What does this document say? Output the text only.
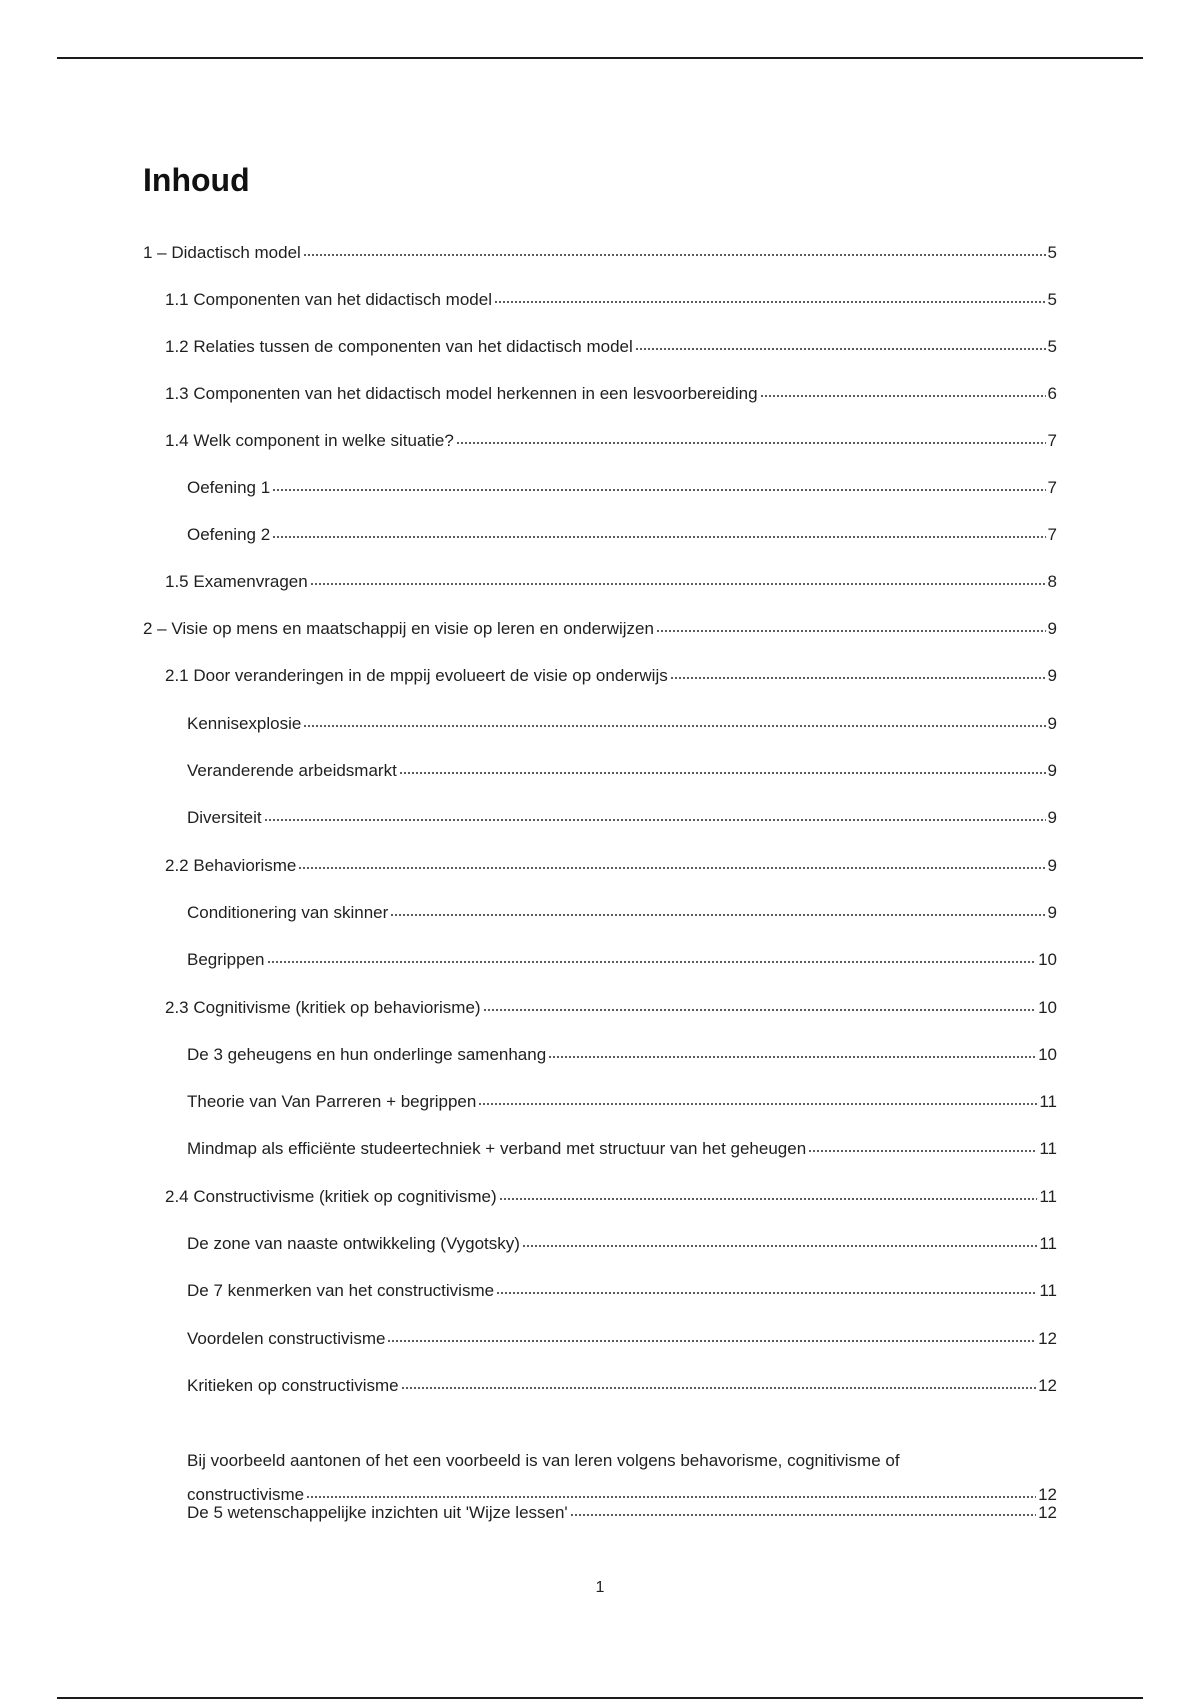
Inhoud
1 – Didactisch model	5
1.1 Componenten van het didactisch model	5
1.2 Relaties tussen de componenten van het didactisch model	5
1.3 Componenten van het didactisch model herkennen in een lesvoorbereiding	6
1.4 Welk component in welke situatie?	7
Oefening 1	7
Oefening 2	7
1.5 Examenvragen	8
2 – Visie op mens en maatschappij en visie op leren en onderwijzen	9
2.1 Door veranderingen in de mppij evolueert de visie op onderwijs	9
Kennisexplosie	9
Veranderende arbeidsmarkt	9
Diversiteit	9
2.2 Behaviorisme	9
Conditionering van skinner	9
Begrippen	10
2.3 Cognitivisme (kritiek op behaviorisme)	10
De 3 geheugens en hun onderlinge samenhang	10
Theorie van Van Parreren + begrippen	11
Mindmap als efficiënte studeertechniek + verband met structuur van het geheugen	11
2.4 Constructivisme (kritiek op cognitivisme)	11
De zone van naaste ontwikkeling (Vygotsky)	11
De 7 kenmerken van het constructivisme	11
Voordelen constructivisme	12
Kritieken op constructivisme	12
Bij voorbeeld aantonen of het een voorbeeld is van leren volgens behavorisme, cognitivisme of
constructivisme	12
De 5 wetenschappelijke inzichten uit 'Wijze lessen'	12
1
